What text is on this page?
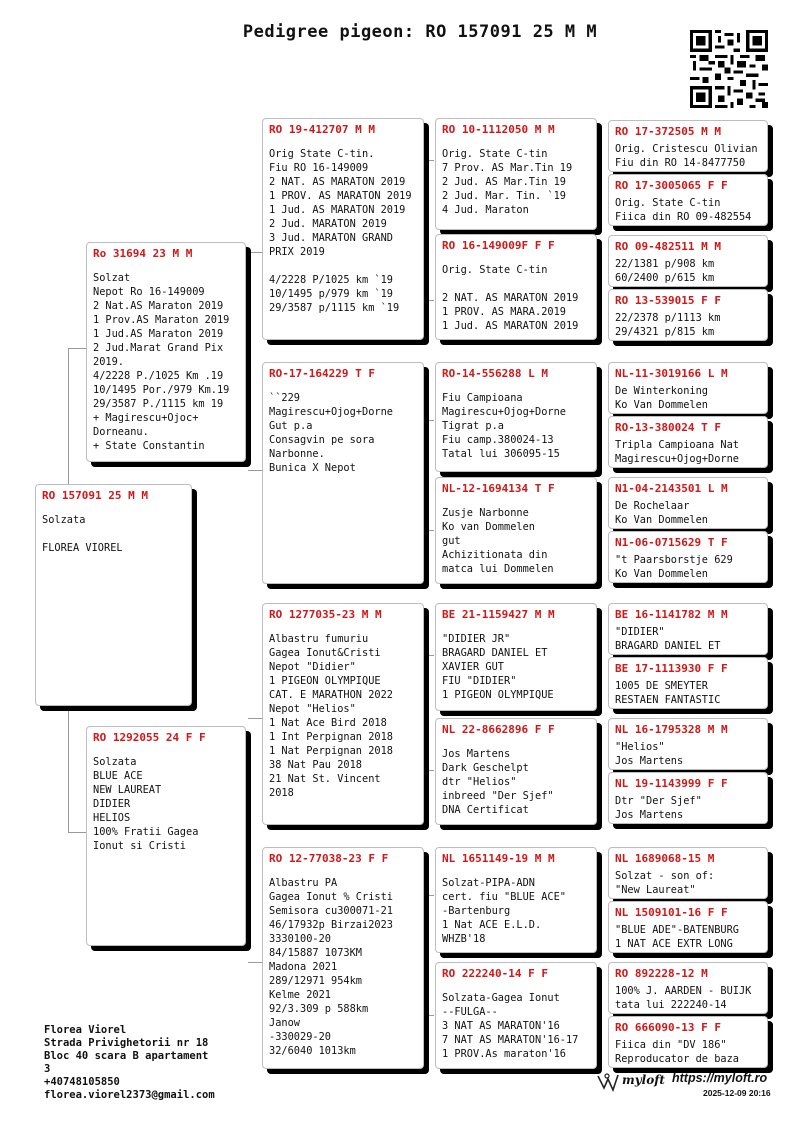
Pedigree pigeon: RO 157091 25 M M
RO 157091 25 M M
Solzata
FLOREA VIOREL
Ro 31694 23 M M
Solzat
Nepot Ro 16-149009
2 Nat.AS Maraton 2019
1 Prov.AS Maraton 2019
1 Jud.AS Maraton 2019
2 Jud.Marat Grand Pix
2019.
4/2228 P./1025 Km .19
10/1495 Por./979 Km.19
29/3587 P./1115 km 19
+ Magirescu+Ojoc+
Dorneanu.
+ State Constantin
RO 1292055 24 F F
Solzata
BLUE ACE
NEW LAUREAT
DIDIER
HELIOS
100% Fratii Gagea
Ionut si Cristi
RO 19-412707 M M
Orig State C-tin.
Fiu RO 16-149009
2 NAT. AS MARATON 2019
1 PROV. AS MARATON 2019
1 Jud. AS MARATON 2019
2 Jud. MARATON 2019
3 Jud. MARATON GRAND
PRIX 2019
4/2228 P/1025 km `19
10/1495 p/979 km `19
29/3587 p/1115 km `19
RO-17-164229 T F
``229
Magirescu+Ojog+Dorne
Gut p.a
Consagvin pe sora
Narbonne.
Bunica X Nepot
RO 1277035-23 M M
Albastru fumuriu
Gagea Ionut&Cristi
Nepot "Didier"
1 PIGEON OLYMPIQUE
CAT. E MARATHON 2022
Nepot "Helios"
1 Nat Ace Bird 2018
1 Int Perpignan 2018
1 Nat Perpignan 2018
38 Nat Pau 2018
21 Nat St. Vincent
2018
RO 12-77038-23 F F
Albastru PA
Gagea Ionut % Cristi
Semisora cu300071-21
46/17932p Birzai2023
3330100-20
84/15887 1073KM
Madona 2021
289/12971 954km
Kelme 2021
92/3.309 p 588km
Janow
-330029-20
32/6040 1013km
RO 10-1112050 M M
Orig. State C-tin
7 Prov. AS Mar.Tin 19
2 Jud. AS Mar.Tin 19
2 Jud. Mar. Tin. `19
4 Jud. Maraton
RO 16-149009F F F
Orig. State C-tin
2 NAT. AS MARATON 2019
1 PROV. AS MARA.2019
1 Jud. AS MARATON 2019
RO-14-556288 L M
Fiu Campioana
Magirescu+Ojog+Dorne
Tigrat p.a
Fiu camp.380024-13
Tatal lui 306095-15
NL-12-1694134 T F
Zusje Narbonne
Ko van Dommelen
gut
Achizitionata din
matca lui Dommelen
BE 21-1159427 M M
"DIDIER JR"
BRAGARD DANIEL ET
XAVIER GUT
FIU "DIDIER"
1 PIGEON OLYMPIQUE
NL 22-8662896 F F
Jos Martens
Dark Geschelpt
dtr "Helios"
inbreed "Der Sjef"
DNA Certificat
NL 1651149-19 M M
Solzat-PIPA-ADN
cert. fiu "BLUE ACE"
-Bartenburg
1 Nat ACE E.L.D.
WHZB'18
RO 222240-14 F F
Solzata-Gagea Ionut
--FULGA--
3 NAT AS MARATON'16
7 NAT AS MARATON'16-17
1 PROV.As maraton'16
RO 17-372505 M M
Orig. Cristescu Olivian
Fiu din RO 14-8477750
RO 17-3005065 F F
Orig. State C-tin
Fiica din RO 09-482554
RO 09-482511 M M
22/1381 p/908 km
60/2400 p/615 km
RO 13-539015 F F
22/2378 p/1113 km
29/4321 p/815 km
NL-11-3019166 L M
De Winterkoning
Ko Van Dommelen
RO-13-380024 T F
Tripla Campioana Nat
Magirescu+Ojog+Dorne
N1-04-2143501 L M
De Rochelaar
Ko Van Dommelen
N1-06-0715629 T F
"t Paarsborstje 629
Ko Van Dommelen
BE 16-1141782 M M
"DIDIER"
BRAGARD DANIEL ET
BE 17-1113930 F F
1005 DE SMEYTER
RESTAEN FANTASTIC
NL 16-1795328 M M
"Helios"
Jos Martens
NL 19-1143999 F F
Dtr "Der Sjef"
Jos Martens
NL 1689068-15 M
Solzat - son of:
"New Laureat"
NL 1509101-16 F F
"BLUE ADE"-BATENBURG
1 NAT ACE EXTR LONG
RO 892228-12 M
100% J. AARDEN - BUIJK
tata lui 222240-14
RO 666090-13 F F
Fiica din "DV 186"
Reproducator de baza
Florea Viorel
Strada Privighetorii nr 18
Bloc 40 scara B apartament
3
+40748105850
florea.viorel2373@gmail.com
myloft https://myloft.ro
2025-12-09 20:16
